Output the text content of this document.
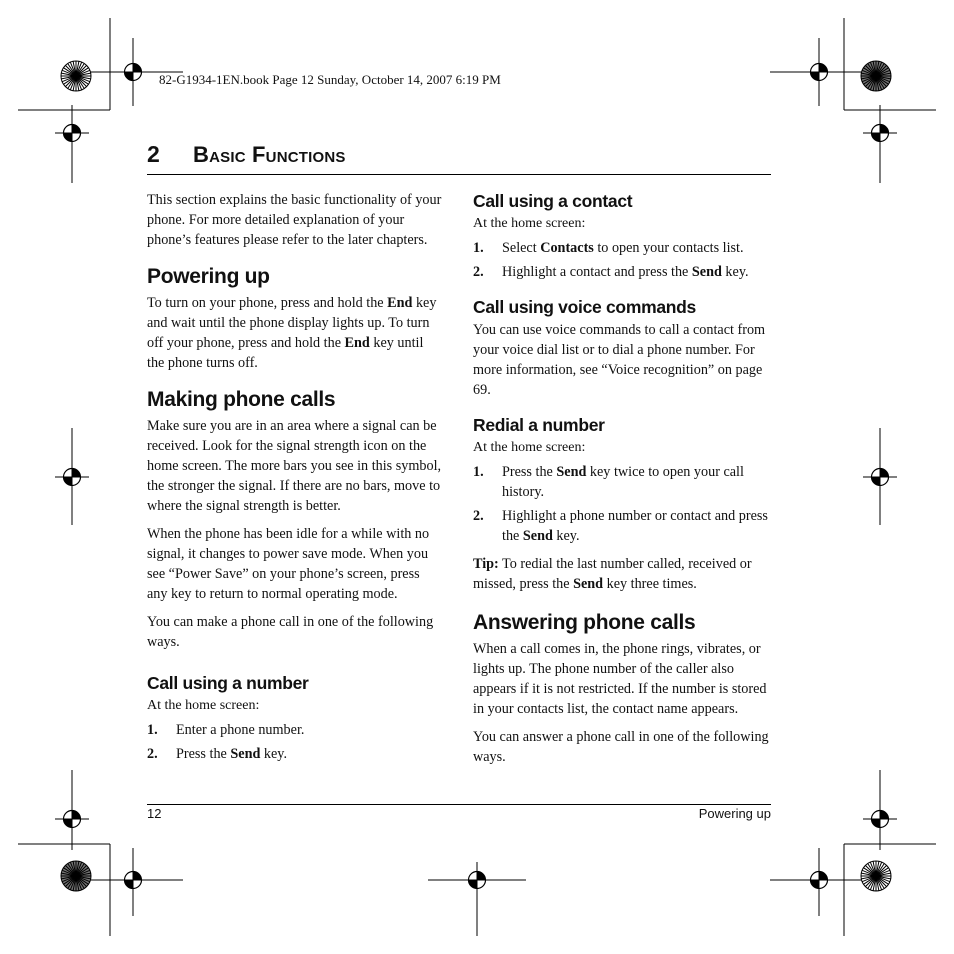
82-G1934-1EN.book Page 12 Sunday, October 14, 2007 6:19 PM
2 Basic Functions

This section explains the basic functionality of your phone. For more detailed explanation of your phone’s features please refer to the later chapters.

Powering up

To turn on your phone, press and hold the End key and wait until the phone display lights up. To turn off your phone, press and hold the End key until the phone turns off.

Making phone calls

Make sure you are in an area where a signal can be received. Look for the signal strength icon on the home screen. The more bars you see in this symbol, the stronger the signal. If there are no bars, move to where the signal strength is better.

When the phone has been idle for a while with no signal, it changes to power save mode. When you see “Power Save” on your phone’s screen, press any key to return to normal operating mode.

You can make a phone call in one of the following ways.

Call using a number

At the home screen:

1. Enter a phone number.
2. Press the Send key.
Call using a contact

At the home screen:

1. Select Contacts to open your contacts list.
2. Highlight a contact and press the Send key.
Call using voice commands

You can use voice commands to call a contact from your voice dial list or to dial a phone number. For more information, see “Voice recognition” on page 69.

Redial a number

At the home screen:

1. Press the Send key twice to open your call history.
2. Highlight a phone number or contact and press the Send key.

Tip: To redial the last number called, received or missed, press the Send key three times.

Answering phone calls

When a call comes in, the phone rings, vibrates, or lights up. The phone number of the caller also appears if it is not restricted. If the number is stored in your contacts list, the contact name appears.

You can answer a phone call in one of the following ways.

12	Powering up
